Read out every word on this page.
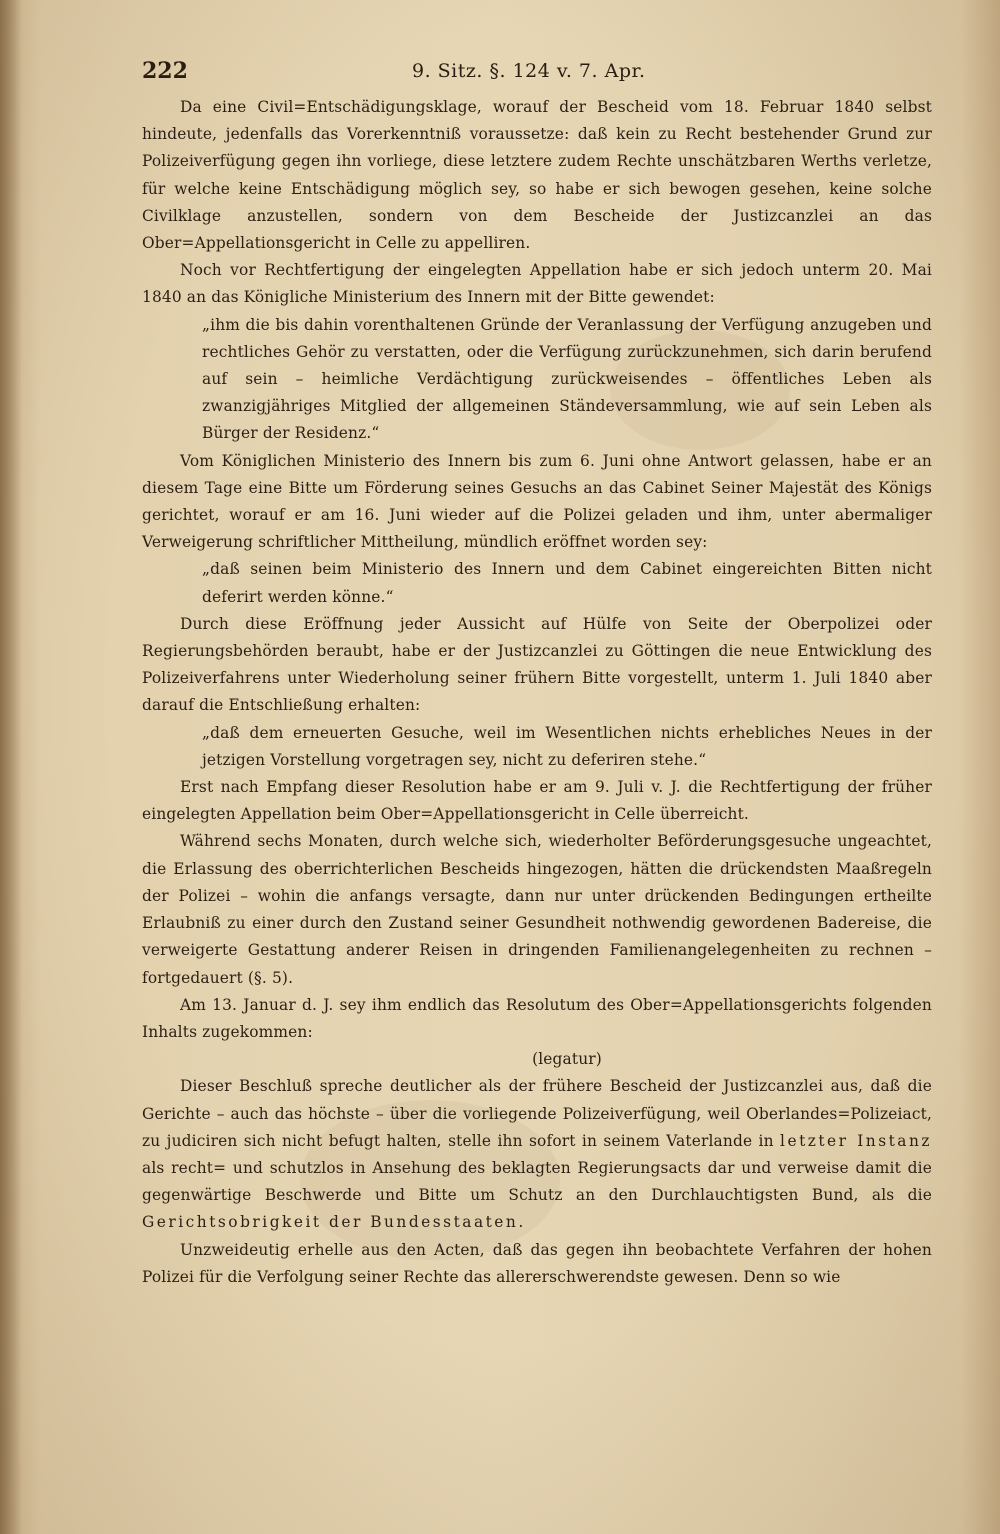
222	9. Sitz. §. 124 v. 7. Apr.

Da eine Civil=Entschädigungsklage, worauf der Bescheid vom 18. Februar 1840 selbst hindeute, jedenfalls das Vorerkenntniß voraussetze: daß kein zu Recht bestehender Grund zur Polizeiverfügung gegen ihn vorliege, diese letztere zudem Rechte unschätzbaren Werths verletze, für welche keine Entschädigung möglich sey, so habe er sich bewogen gesehen, keine solche Civilklage anzustellen, sondern von dem Bescheide der Justizcanzlei an das Ober=Appellationsgericht in Celle zu appelliren.

Noch vor Rechtfertigung der eingelegten Appellation habe er sich jedoch unterm 20. Mai 1840 an das Königliche Ministerium des Innern mit der Bitte gewendet:

„ihm die bis dahin vorenthaltenen Gründe der Veranlassung der Verfügung anzugeben und rechtliches Gehör zu verstatten, oder die Verfügung zurückzunehmen, sich darin berufend auf sein – heimliche Verdächtigung zurückweisendes – öffentliches Leben als zwanzigjähriges Mitglied der allgemeinen Ständeversammlung, wie auf sein Leben als Bürger der Residenz.“

Vom Königlichen Ministerio des Innern bis zum 6. Juni ohne Antwort gelassen, habe er an diesem Tage eine Bitte um Förderung seines Gesuchs an das Cabinet Seiner Majestät des Königs gerichtet, worauf er am 16. Juni wieder auf die Polizei geladen und ihm, unter abermaliger Verweigerung schriftlicher Mittheilung, mündlich eröffnet worden sey:

„daß seinen beim Ministerio des Innern und dem Cabinet eingereichten Bitten nicht deferirt werden könne.“

Durch diese Eröffnung jeder Aussicht auf Hülfe von Seite der Oberpolizei oder Regierungsbehörden beraubt, habe er der Justizcanzlei zu Göttingen die neue Entwicklung des Polizeiverfahrens unter Wiederholung seiner frühern Bitte vorgestellt, unterm 1. Juli 1840 aber darauf die Entschließung erhalten:

„daß dem erneuerten Gesuche, weil im Wesentlichen nichts erhebliches Neues in der jetzigen Vorstellung vorgetragen sey, nicht zu deferiren stehe.“

Erst nach Empfang dieser Resolution habe er am 9. Juli v. J. die Rechtfertigung der früher eingelegten Appellation beim Ober=Appellationsgericht in Celle überreicht.

Während sechs Monaten, durch welche sich, wiederholter Beförderungsgesuche ungeachtet, die Erlassung des oberrichterlichen Bescheids hingezogen, hätten die drückendsten Maaßregeln der Polizei – wohin die anfangs versagte, dann nur unter drückenden Bedingungen ertheilte Erlaubniß zu einer durch den Zustand seiner Gesundheit nothwendig gewordenen Badereise, die verweigerte Gestattung anderer Reisen in dringenden Familienangelegenheiten zu rechnen – fortgedauert (§. 5).

Am 13. Januar d. J. sey ihm endlich das Resolutum des Ober=Appellationsgerichts folgenden Inhalts zugekommen:

(legatur)

Dieser Beschluß spreche deutlicher als der frühere Bescheid der Justizcanzlei aus, daß die Gerichte – auch das höchste – über die vorliegende Polizeiverfügung, weil Oberlandes=Polizeiact, zu judiciren sich nicht befugt halten, stelle ihn sofort in seinem Vaterlande in letzter Instanz als recht= und schutzlos in Ansehung des beklagten Regierungsacts dar und verweise damit die gegenwärtige Beschwerde und Bitte um Schutz an den Durchlauchtigsten Bund, als die Gerichtsobrigkeit der Bundesstaaten.

Unzweideutig erhelle aus den Acten, daß das gegen ihn beobachtete Verfahren der hohen Polizei für die Verfolgung seiner Rechte das allererschwerendste gewesen. Denn so wie
